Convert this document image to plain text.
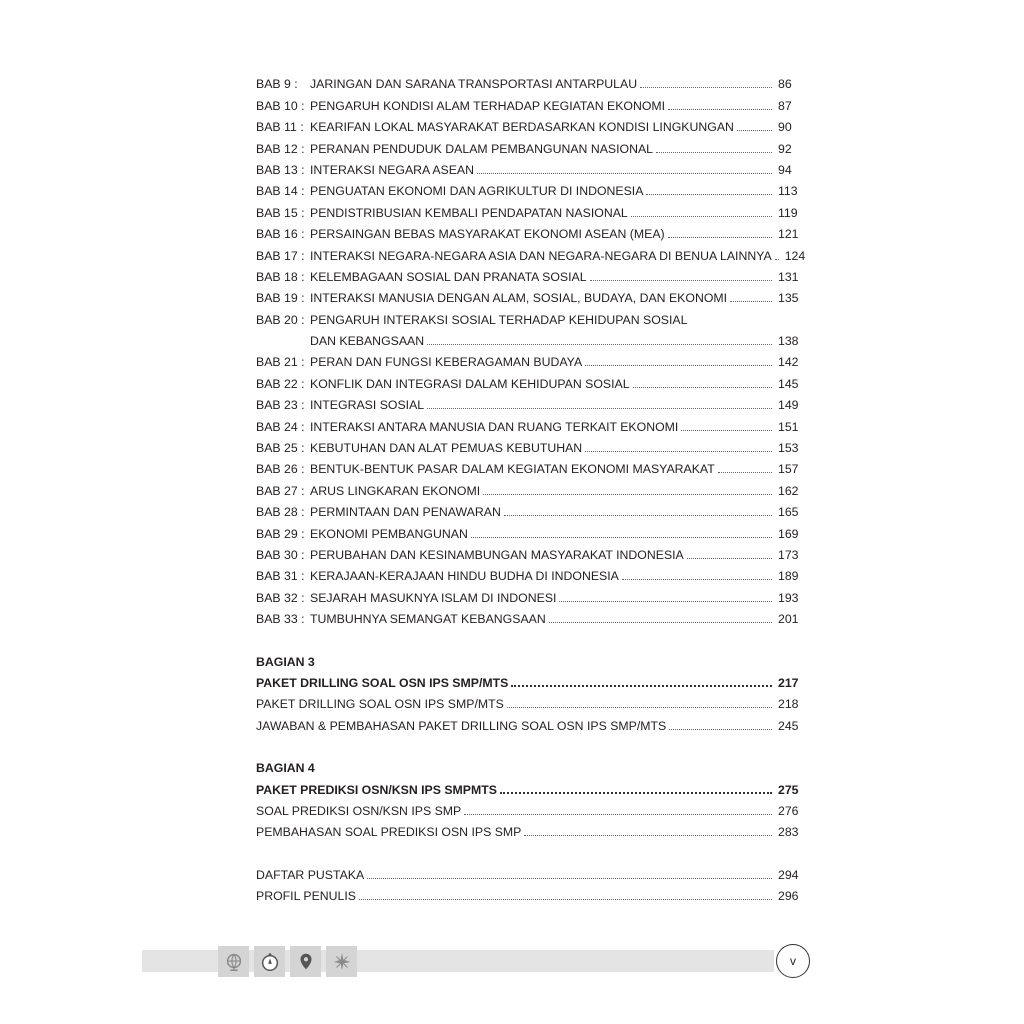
BAB 9 : JARINGAN DAN SARANA TRANSPORTASI ANTARPULAU	86
BAB 10 : PENGARUH KONDISI ALAM TERHADAP KEGIATAN EKONOMI	87
BAB 11 : KEARIFAN LOKAL MASYARAKAT BERDASARKAN KONDISI LINGKUNGAN	90
BAB 12 : PERANAN PENDUDUK DALAM PEMBANGUNAN NASIONAL	92
BAB 13 : INTERAKSI NEGARA ASEAN	94
BAB 14 : PENGUATAN EKONOMI DAN AGRIKULTUR DI INDONESIA	113
BAB 15 : PENDISTRIBUSIAN KEMBALI PENDAPATAN NASIONAL	119
BAB 16 : PERSAINGAN BEBAS MASYARAKAT EKONOMI ASEAN (MEA)	121
BAB 17 : INTERAKSI NEGARA-NEGARA ASIA DAN NEGARA-NEGARA DI BENUA LAINNYA 124
BAB 18 : KELEMBAGAAN SOSIAL DAN PRANATA SOSIAL	131
BAB 19 : INTERAKSI MANUSIA DENGAN ALAM, SOSIAL, BUDAYA, DAN EKONOMI	135
BAB 20 : PENGARUH INTERAKSI SOSIAL TERHADAP KEHIDUPAN SOSIAL
DAN KEBANGSAAN	138
BAB 21 : PERAN DAN FUNGSI KEBERAGAMAN BUDAYA	142
BAB 22 : KONFLIK DAN INTEGRASI DALAM KEHIDUPAN SOSIAL	145
BAB 23 : INTEGRASI SOSIAL	149
BAB 24 : INTERAKSI ANTARA MANUSIA DAN RUANG TERKAIT EKONOMI	151
BAB 25 : KEBUTUHAN DAN ALAT PEMUAS KEBUTUHAN	153
BAB 26 : BENTUK-BENTUK PASAR DALAM KEGIATAN EKONOMI MASYARAKAT	157
BAB 27 : ARUS LINGKARAN EKONOMI	162
BAB 28 : PERMINTAAN DAN PENAWARAN	165
BAB 29 : EKONOMI PEMBANGUNAN	169
BAB 30 : PERUBAHAN DAN KESINAMBUNGAN MASYARAKAT INDONESIA	173
BAB 31 : KERAJAAN-KERAJAAN HINDU BUDHA DI INDONESIA	189
BAB 32 : SEJARAH MASUKNYA ISLAM DI INDONESI	193
BAB 33 : TUMBUHNYA SEMANGAT KEBANGSAAN	201
BAGIAN 3
PAKET DRILLING SOAL OSN IPS SMP/MTS	217
PAKET DRILLING SOAL OSN IPS SMP/MTS	218
JAWABAN & PEMBAHASAN PAKET DRILLING SOAL OSN IPS SMP/MTS	245
BAGIAN 4
PAKET PREDIKSI OSN/KSN IPS SMPMTS	275
SOAL PREDIKSI OSN/KSN IPS SMP	276
PEMBAHASAN SOAL PREDIKSI OSN IPS SMP	283
DAFTAR PUSTAKA	294
PROFIL PENULIS	296
v
